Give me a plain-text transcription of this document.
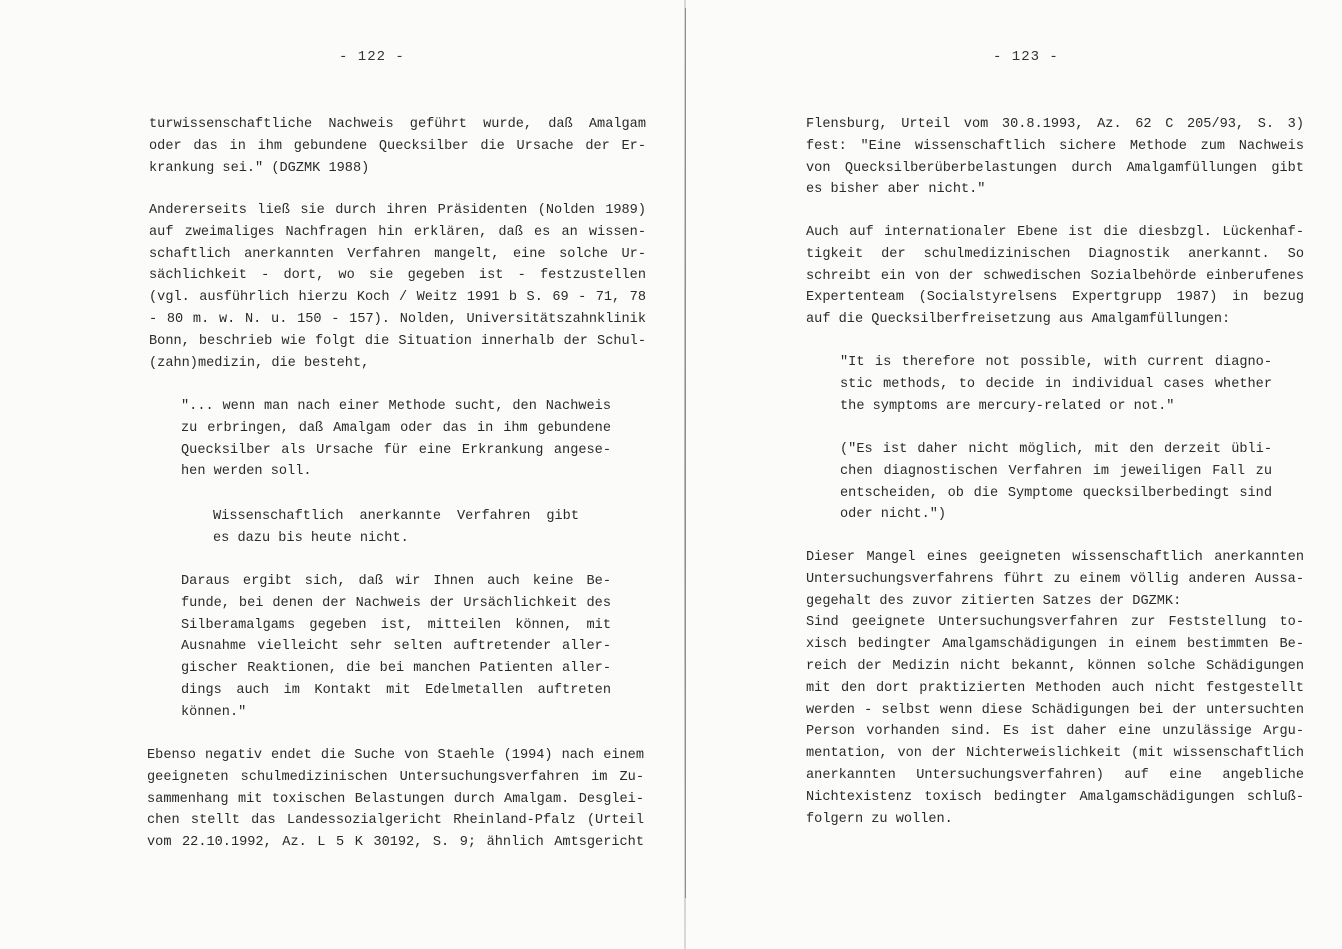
- 122 -
turwissenschaftliche Nachweis geführt wurde, daß Amalgam
oder das in ihm gebundene Quecksilber die Ursache der Er-
krankung sei." (DGZMK 1988)
Andererseits ließ sie durch ihren Präsidenten (Nolden 1989)
auf zweimaliges Nachfragen hin erklären, daß es an wissen-
schaftlich anerkannten Verfahren mangelt, eine solche Ur-
sächlichkeit - dort, wo sie gegeben ist - festzustellen
(vgl. ausführlich hierzu Koch / Weitz 1991 b S. 69 - 71, 78
- 80 m. w. N. u. 150 - 157). Nolden, Universitätszahnklinik
Bonn, beschrieb wie folgt die Situation innerhalb der Schul-
(zahn)medizin, die besteht,
"... wenn man nach einer Methode sucht, den Nachweis
zu erbringen, daß Amalgam oder das in ihm gebundene
Quecksilber als Ursache für eine Erkrankung angese-
hen werden soll.
Wissenschaftlich anerkannte Verfahren gibt
es dazu bis heute nicht.
Daraus ergibt sich, daß wir Ihnen auch keine Be-
funde, bei denen der Nachweis der Ursächlichkeit des
Silberamalgams gegeben ist, mitteilen können, mit
Ausnahme vielleicht sehr selten auftretender aller-
gischer Reaktionen, die bei manchen Patienten aller-
dings auch im Kontakt mit Edelmetallen auftreten
können."
Ebenso negativ endet die Suche von Staehle (1994) nach einem
geeigneten schulmedizinischen Untersuchungsverfahren im Zu-
sammenhang mit toxischen Belastungen durch Amalgam. Desglei-
chen stellt das Landessozialgericht Rheinland-Pfalz (Urteil
vom 22.10.1992, Az. L 5 K 30192, S. 9; ähnlich Amtsgericht
- 123 -
Flensburg, Urteil vom 30.8.1993, Az. 62 C 205/93, S. 3)
fest: "Eine wissenschaftlich sichere Methode zum Nachweis
von Quecksilberüberbelastungen durch Amalgamfüllungen gibt
es bisher aber nicht."
Auch auf internationaler Ebene ist die diesbzgl. Lückenhaf-
tigkeit der schulmedizinischen Diagnostik anerkannt. So
schreibt ein von der schwedischen Sozialbehörde einberufenes
Expertenteam (Socialstyrelsens Expertgrupp 1987) in bezug
auf die Quecksilberfreisetzung aus Amalgamfüllungen:
"It is therefore not possible, with current diagno-
stic methods, to decide in individual cases whether
the symptoms are mercury-related or not."
("Es ist daher nicht möglich, mit den derzeit übli-
chen diagnostischen Verfahren im jeweiligen Fall zu
entscheiden, ob die Symptome quecksilberbedingt sind
oder nicht.")
Dieser Mangel eines geeigneten wissenschaftlich anerkannten
Untersuchungsverfahrens führt zu einem völlig anderen Aussa-
gegehalt des zuvor zitierten Satzes der DGZMK:
Sind geeignete Untersuchungsverfahren zur Feststellung to-
xisch bedingter Amalgamschädigungen in einem bestimmten Be-
reich der Medizin nicht bekannt, können solche Schädigungen
mit den dort praktizierten Methoden auch nicht festgestellt
werden - selbst wenn diese Schädigungen bei der untersuchten
Person vorhanden sind. Es ist daher eine unzulässige Argu-
mentation, von der Nichterweislichkeit (mit wissenschaftlich
anerkannten Untersuchungsverfahren) auf eine angebliche
Nichtexistenz toxisch bedingter Amalgamschädigungen schluß-
folgern zu wollen.
